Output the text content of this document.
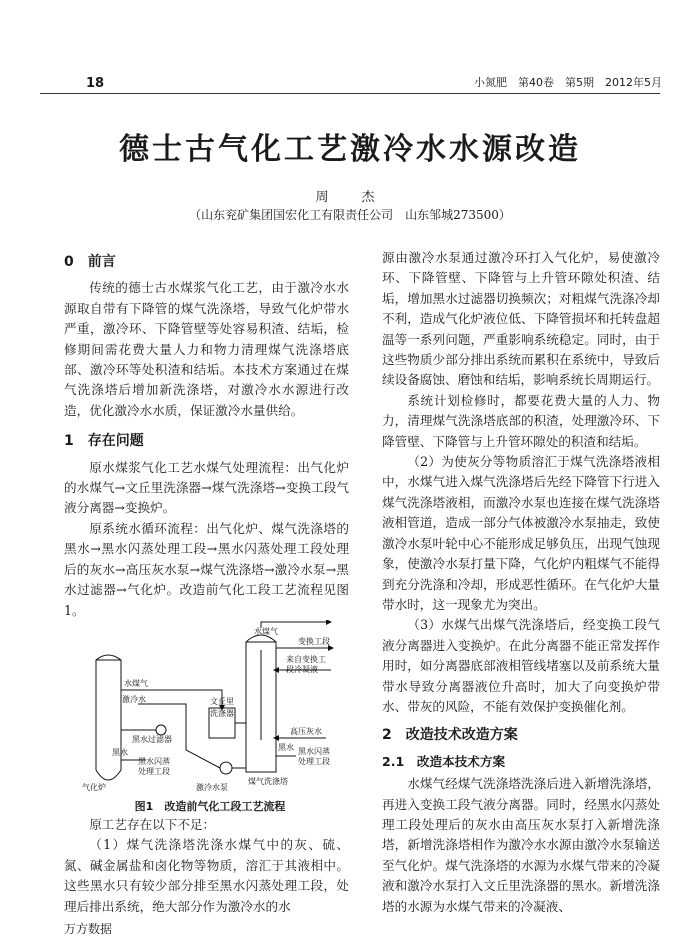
18	小氮肥　第40卷　第5期　2012年5月
德士古气化工艺激冷水水源改造
周　杰
（山东兖矿集团国宏化工有限责任公司　山东邹城273500）

0　前言

传统的德士古水煤浆气化工艺，由于激冷水水源取自带有下降管的煤气洗涤塔，导致气化炉带水严重，激冷环、下降管壁等处容易积渣、结垢，检修期间需花费大量人力和物力清理煤气洗涤塔底部、激冷环等处积渣和结垢。本技术方案通过在煤气洗涤塔后增加新洗涤塔，对激冷水水源进行改造，优化激冷水水质，保证激冷水量供给。

1　存在问题

原水煤浆气化工艺水煤气处理流程：出气化炉的水煤气→文丘里洗涤器→煤气洗涤塔→变换工段气液分离器→变换炉。

原系统水循环流程：出气化炉、煤气洗涤塔的黑水→黑水闪蒸处理工段→黑水闪蒸处理工段处理后的灰水→高压灰水泵→煤气洗涤塔→激冷水泵→黑水过滤器→气化炉。改造前气化工段工艺流程见图1。

水煤气
变换工段
来自变换工
段冷凝液
水煤气
激冷水	文丘里
洗涤器
高压灰水
黑水过滤器
黑水
黑水
黑水闪蒸
处理工段
黑水闪蒸
处理工段
气化炉	激冷水泵
煤气洗涤塔
图1　改造前气化工段工艺流程

原工艺存在以下不足：

（1）煤气洗涤塔洗涤水煤气中的灰、硫、氮、碱金属盐和卤化物等物质，溶汇于其液相中。这些黑水只有较少部分排至黑水闪蒸处理工段，处理后排出系统，绝大部分作为激冷水的水

源由激冷水泵通过激冷环打入气化炉，易使激冷环、下降管壁、下降管与上升管环隙处积渣、结垢，增加黑水过滤器切换频次；对粗煤气洗涤冷却不利，造成气化炉液位低、下降管损坏和托转盘超温等一系列问题，严重影响系统稳定。同时，由于这些物质少部分排出系统而累积在系统中，导致后续设备腐蚀、磨蚀和结垢，影响系统长周期运行。

系统计划检修时，都要花费大量的人力、物力，清理煤气洗涤塔底部的积渣，处理激冷环、下降管壁、下降管与上升管环隙处的积渣和结垢。

（2）为使灰分等物质溶汇于煤气洗涤塔液相中，水煤气进入煤气洗涤塔后先经下降管下行进入煤气洗涤塔液相，而激冷水泵也连接在煤气洗涤塔液相管道，造成一部分气体被激冷水泵抽走，致使激冷水泵叶轮中心不能形成足够负压，出现气蚀现象，使激冷水泵打量下降，气化炉内粗煤气不能得到充分洗涤和冷却，形成恶性循环。在气化炉大量带水时，这一现象尤为突出。

（3）水煤气出煤气洗涤塔后，经变换工段气液分离器进入变换炉。在此分离器不能正常发挥作用时，如分离器底部液相管线堵塞以及前系统大量带水导致分离器液位升高时，加大了向变换炉带水、带灰的风险，不能有效保护变换催化剂。

2　改造技术改造方案

2.1　改造本技术方案

水煤气经煤气洗涤塔洗涤后进入新增洗涤塔，再进入变换工段气液分离器。同时，经黑水闪蒸处理工段处理后的灰水由高压灰水泵打入新增洗涤塔，新增洗涤塔相作为激冷水水源由激冷水泵输送至气化炉。煤气洗涤塔的水源为水煤气带来的冷凝液和激冷水泵打入文丘里洗涤器的黑水。新增洗涤塔的水源为水煤气带来的冷凝液、

万方数据
